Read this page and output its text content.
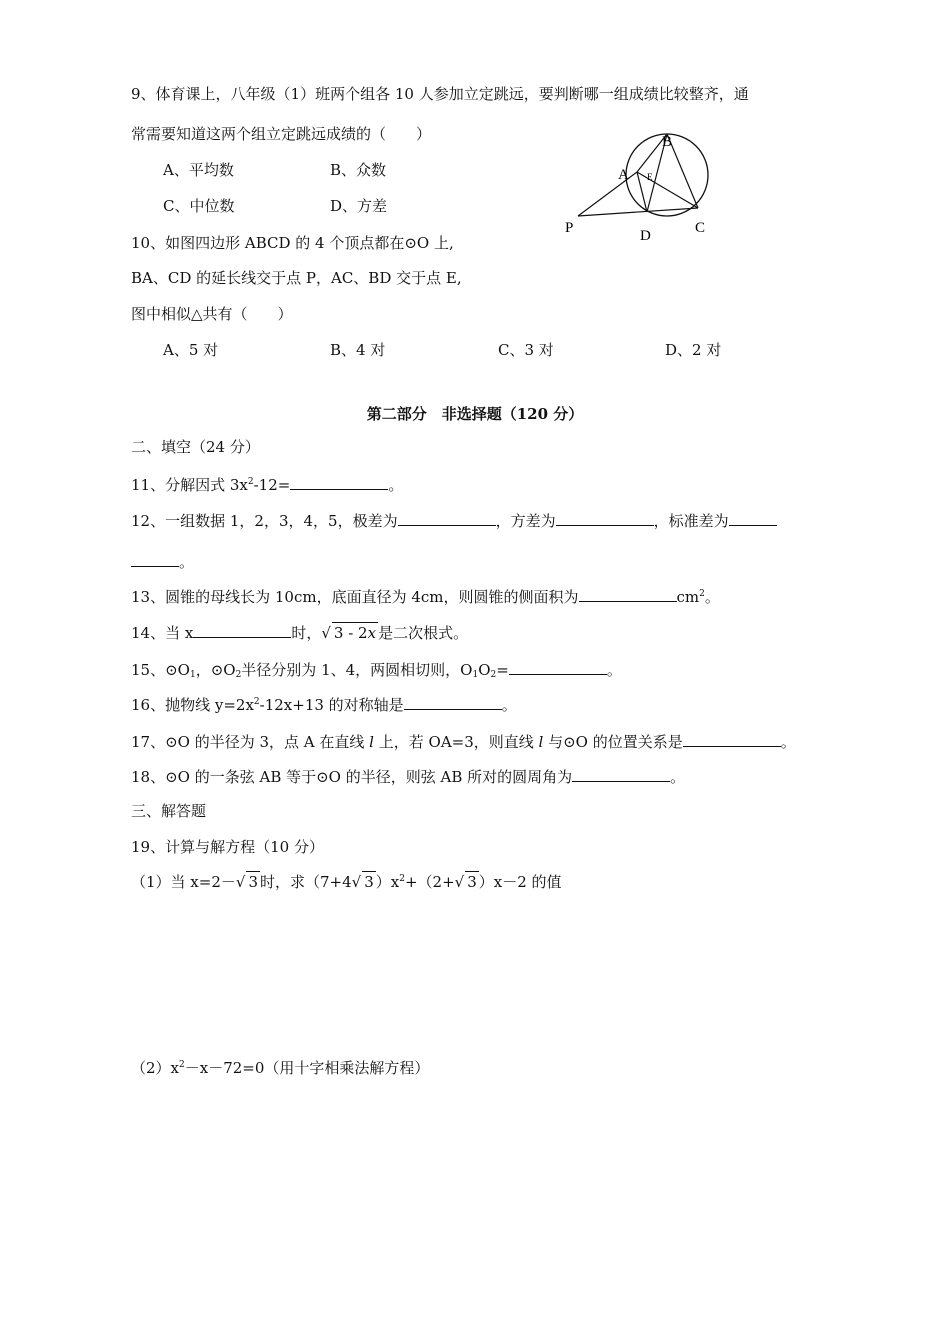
9、体育课上，八年级（1）班两个组各 10 人参加立定跳远，要判断哪一组成绩比较整齐，通
常需要知道这两个组立定跳远成绩的（　　）
A、平均数	B、众数
C、中位数	D、方差
B
A E
P	D	C
10、如图四边形 ABCD 的 4 个顶点都在⊙O 上,
BA、CD 的延长线交于点 P，AC、BD 交于点 E,
图中相似△共有（　　）
A、5 对	B、4 对	C、3 对	D、2 对
第二部分　非选择题（120 分）
二、填空（24 分）
11、分解因式 $3x^2-12=$	。
12、一组数据 1，2，3，4，5，极差为	，方差为	，标准差为
。
13、圆锥的母线长为 10cm，底面直径为 4cm，则圆锥的侧面积为	$cm^2$。
14、当 x	时，√ 3 - 2x 是二次根式。
15、$⊙O_1$，$⊙O_2$半径分别为 1、4，两圆相切则，$O_1O_2=$	。
16、抛物线 $y=2x^2-12x+13$ 的对称轴是	。
17、⊙O 的半径为 3，点 A 在直线 l 上，若 OA=3，则直线 l 与⊙O 的位置关系是	。
18、⊙O 的一条弦 AB 等于⊙O 的半径，则弦 AB 所对的圆周角为	。
三、解答题
19、计算与解方程（10 分）
（1）当 x=2－√ 3 时，求（7+4√ 3 ）$x^2+(2+√$ 3 ）x－2 的值
$(2)x^2-x-72=0$（用十字相乘法解方程）
